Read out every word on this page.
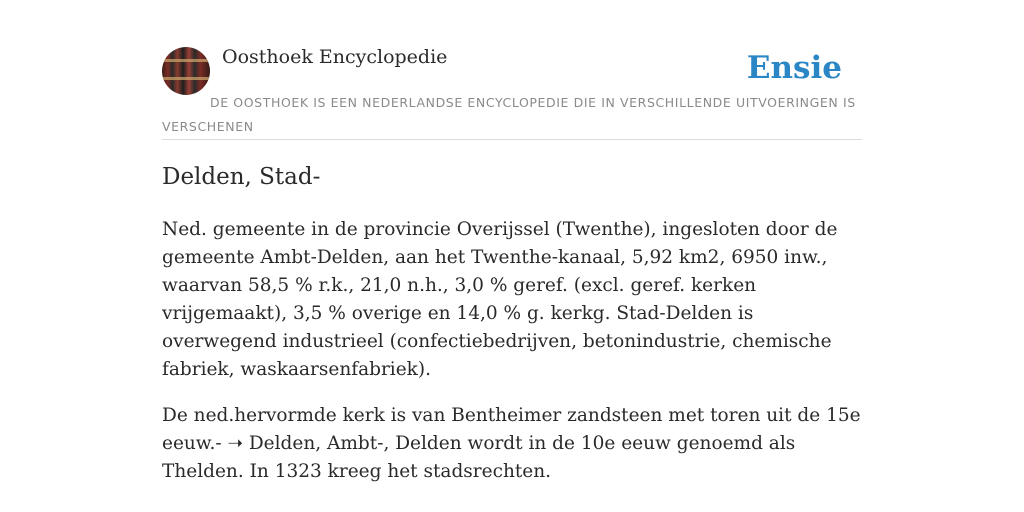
Oosthoek Encyclopedie	Ensie
DE OOSTHOEK IS EEN NEDERLANDSE ENCYCLOPEDIE DIE IN VERSCHILLENDE UITVOERINGEN IS VERSCHENEN
Delden, Stad-

Ned. gemeente in de provincie Overijssel (Twenthe), ingesloten door de gemeente Ambt-Delden, aan het Twenthe-kanaal, 5,92 km2, 6950 inw., waarvan 58,5 % r.k., 21,0 n.h., 3,0 % geref. (excl. geref. kerken vrijgemaakt), 3,5 % overige en 14,0 % g. kerkg. Stad-Delden is overwegend industrieel (confectiebedrijven, betonindustrie, chemische fabriek, waskaarsenfabriek).

De ned.hervormde kerk is van Bentheimer zandsteen met toren uit de 15e eeuw.- ➝ Delden, Ambt-, Delden wordt in de 10e eeuw genoemd als Thelden. In 1323 kreeg het stadsrechten.
